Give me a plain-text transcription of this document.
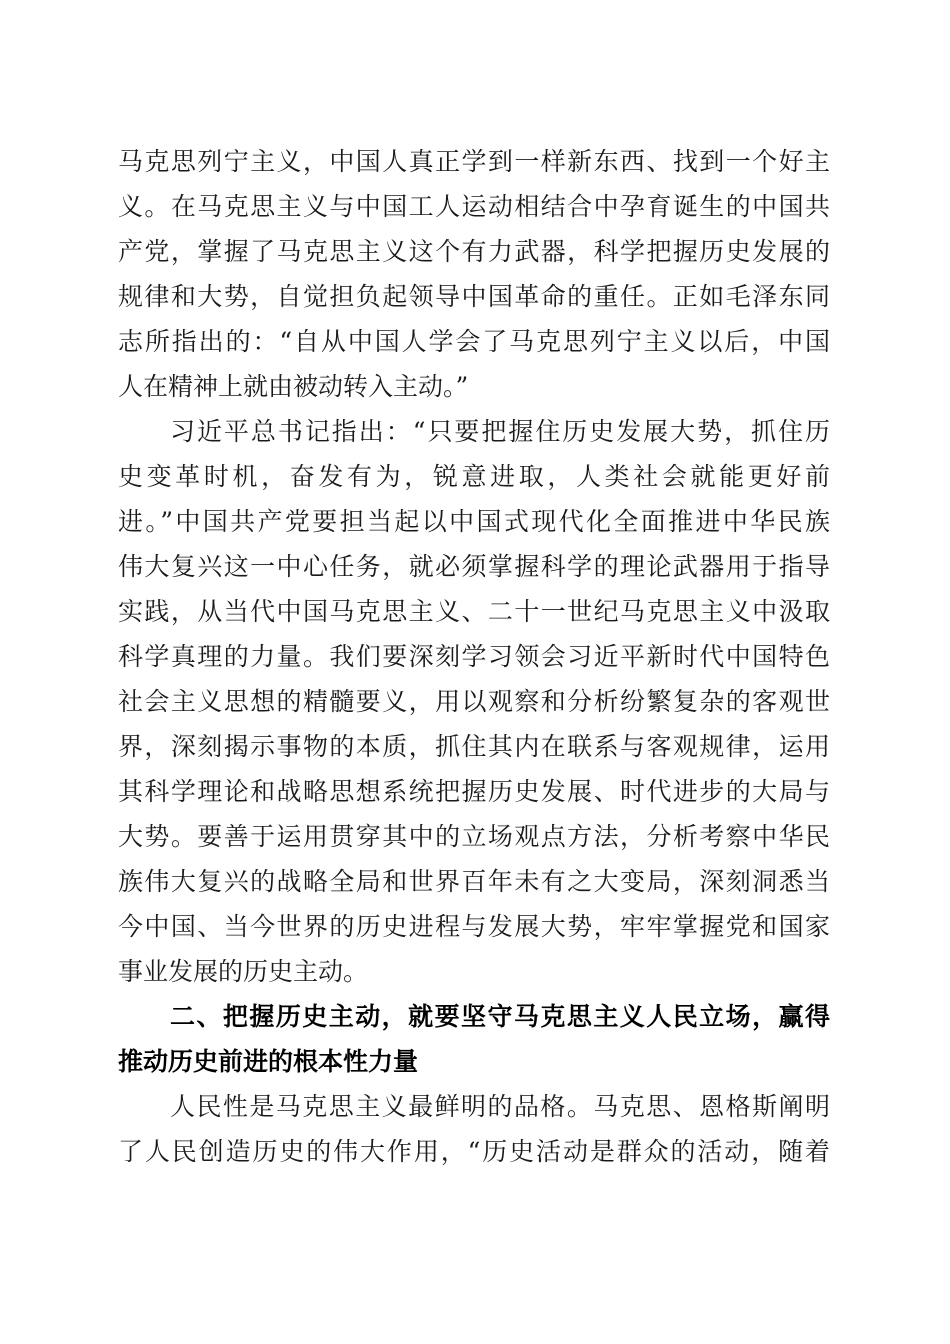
马克思列宁主义，中国人真正学到一样新东西、找到一个好主
义。在马克思主义与中国工人运动相结合中孕育诞生的中国共
产党，掌握了马克思主义这个有力武器，科学把握历史发展的
规律和大势，自觉担负起领导中国革命的重任。正如毛泽东同
志所指出的：“自从中国人学会了马克思列宁主义以后，中国
人在精神上就由被动转入主动。”
习近平总书记指出：“只要把握住历史发展大势，抓住历
史变革时机，奋发有为，锐意进取，人类社会就能更好前
进。”中国共产党要担当起以中国式现代化全面推进中华民族
伟大复兴这一中心任务，就必须掌握科学的理论武器用于指导
实践，从当代中国马克思主义、二十一世纪马克思主义中汲取
科学真理的力量。我们要深刻学习领会习近平新时代中国特色
社会主义思想的精髓要义，用以观察和分析纷繁复杂的客观世
界，深刻揭示事物的本质，抓住其内在联系与客观规律，运用
其科学理论和战略思想系统把握历史发展、时代进步的大局与
大势。要善于运用贯穿其中的立场观点方法，分析考察中华民
族伟大复兴的战略全局和世界百年未有之大变局，深刻洞悉当
今中国、当今世界的历史进程与发展大势，牢牢掌握党和国家
事业发展的历史主动。
二、把握历史主动，就要坚守马克思主义人民立场，赢得
推动历史前进的根本性力量
人民性是马克思主义最鲜明的品格。马克思、恩格斯阐明
了人民创造历史的伟大作用，“历史活动是群众的活动，随着
